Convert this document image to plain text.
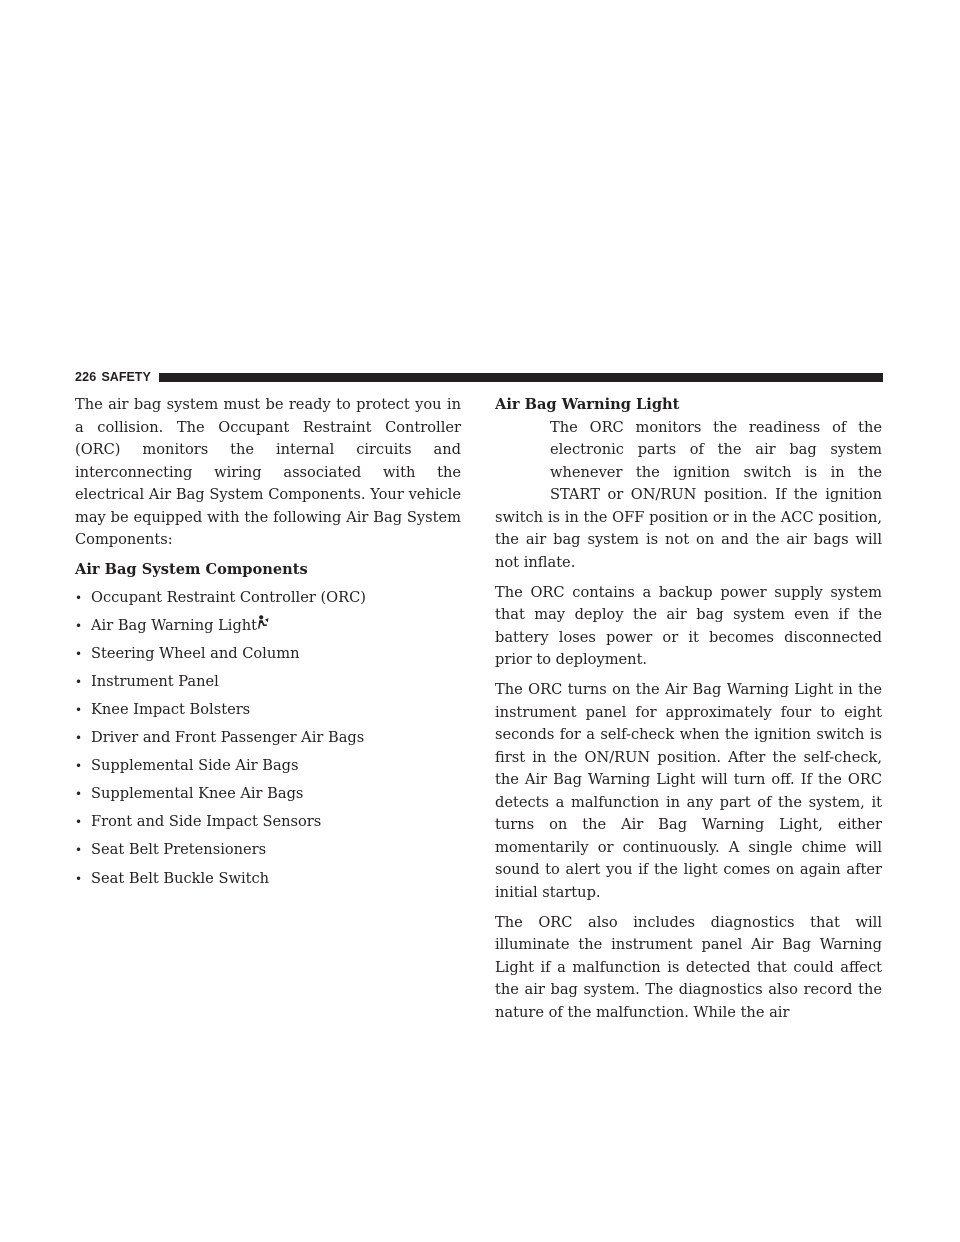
226 SAFETY

The air bag system must be ready to protect you in a collision. The Occupant Restraint Controller (ORC) monitors the internal circuits and interconnecting wiring associated with the electrical Air Bag System Components. Your vehicle may be equipped with the following Air Bag System Components:

Air Bag System Components

• Occupant Restraint Controller (ORC)
• Air Bag Warning Light
• Steering Wheel and Column
• Instrument Panel
• Knee Impact Bolsters
• Driver and Front Passenger Air Bags
• Supplemental Side Air Bags
• Supplemental Knee Air Bags
• Front and Side Impact Sensors
• Seat Belt Pretensioners
• Seat Belt Buckle Switch

Air Bag Warning Light

The ORC monitors the readiness of the electronic parts of the air bag system whenever the ignition switch is in the START or ON/RUN position. If the ignition switch is in the OFF position or in the ACC position, the air bag system is not on and the air bags will not inflate.

The ORC contains a backup power supply system that may deploy the air bag system even if the battery loses power or it becomes disconnected prior to deployment.

The ORC turns on the Air Bag Warning Light in the instrument panel for approximately four to eight seconds for a self-check when the ignition switch is first in the ON/RUN position. After the self-check, the Air Bag Warning Light will turn off. If the ORC detects a malfunction in any part of the system, it turns on the Air Bag Warning Light, either momentarily or continuously. A single chime will sound to alert you if the light comes on again after initial startup.

The ORC also includes diagnostics that will illuminate the instrument panel Air Bag Warning Light if a malfunction is detected that could affect the air bag system. The diagnostics also record the nature of the malfunction. While the air
